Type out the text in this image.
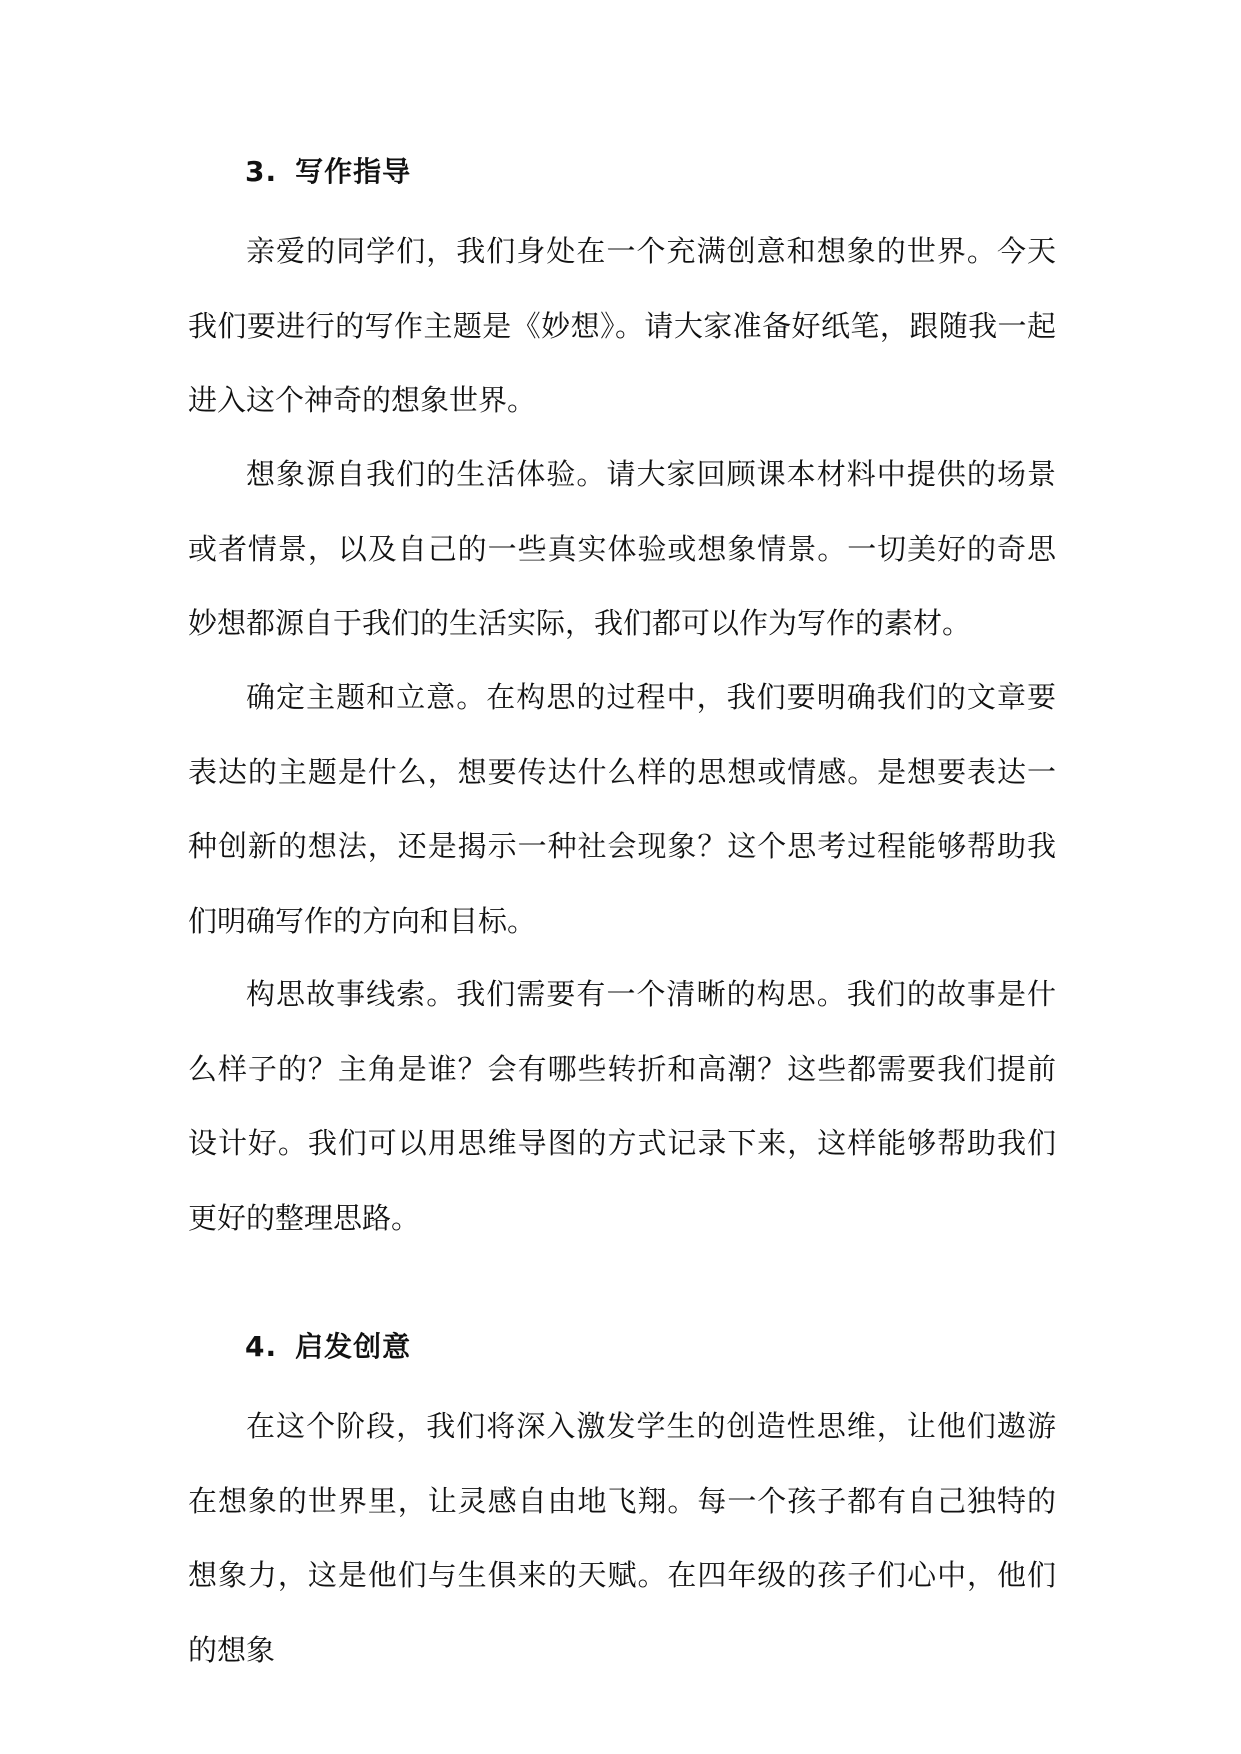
3. 写作指导

亲爱的同学们，我们身处在一个充满创意和想象的世界。今天我们要进行的写作主题是《妙想》。请大家准备好纸笔，跟随我一起进入这个神奇的想象世界。

想象源自我们的生活体验。请大家回顾课本材料中提供的场景或者情景，以及自己的一些真实体验或想象情景。一切美好的奇思妙想都源自于我们的生活实际，我们都可以作为写作的素材。

确定主题和立意。在构思的过程中，我们要明确我们的文章要表达的主题是什么，想要传达什么样的思想或情感。是想要表达一种创新的想法，还是揭示一种社会现象？这个思考过程能够帮助我们明确写作的方向和目标。

构思故事线索。我们需要有一个清晰的构思。我们的故事是什么样子的？主角是谁？会有哪些转折和高潮？这些都需要我们提前设计好。我们可以用思维导图的方式记录下来，这样能够帮助我们更好的整理思路。

4. 启发创意

在这个阶段，我们将深入激发学生的创造性思维，让他们遨游在想象的世界里，让灵感自由地飞翔。每一个孩子都有自己独特的想象力，这是他们与生俱来的天赋。在四年级的孩子们心中，他们的想象
